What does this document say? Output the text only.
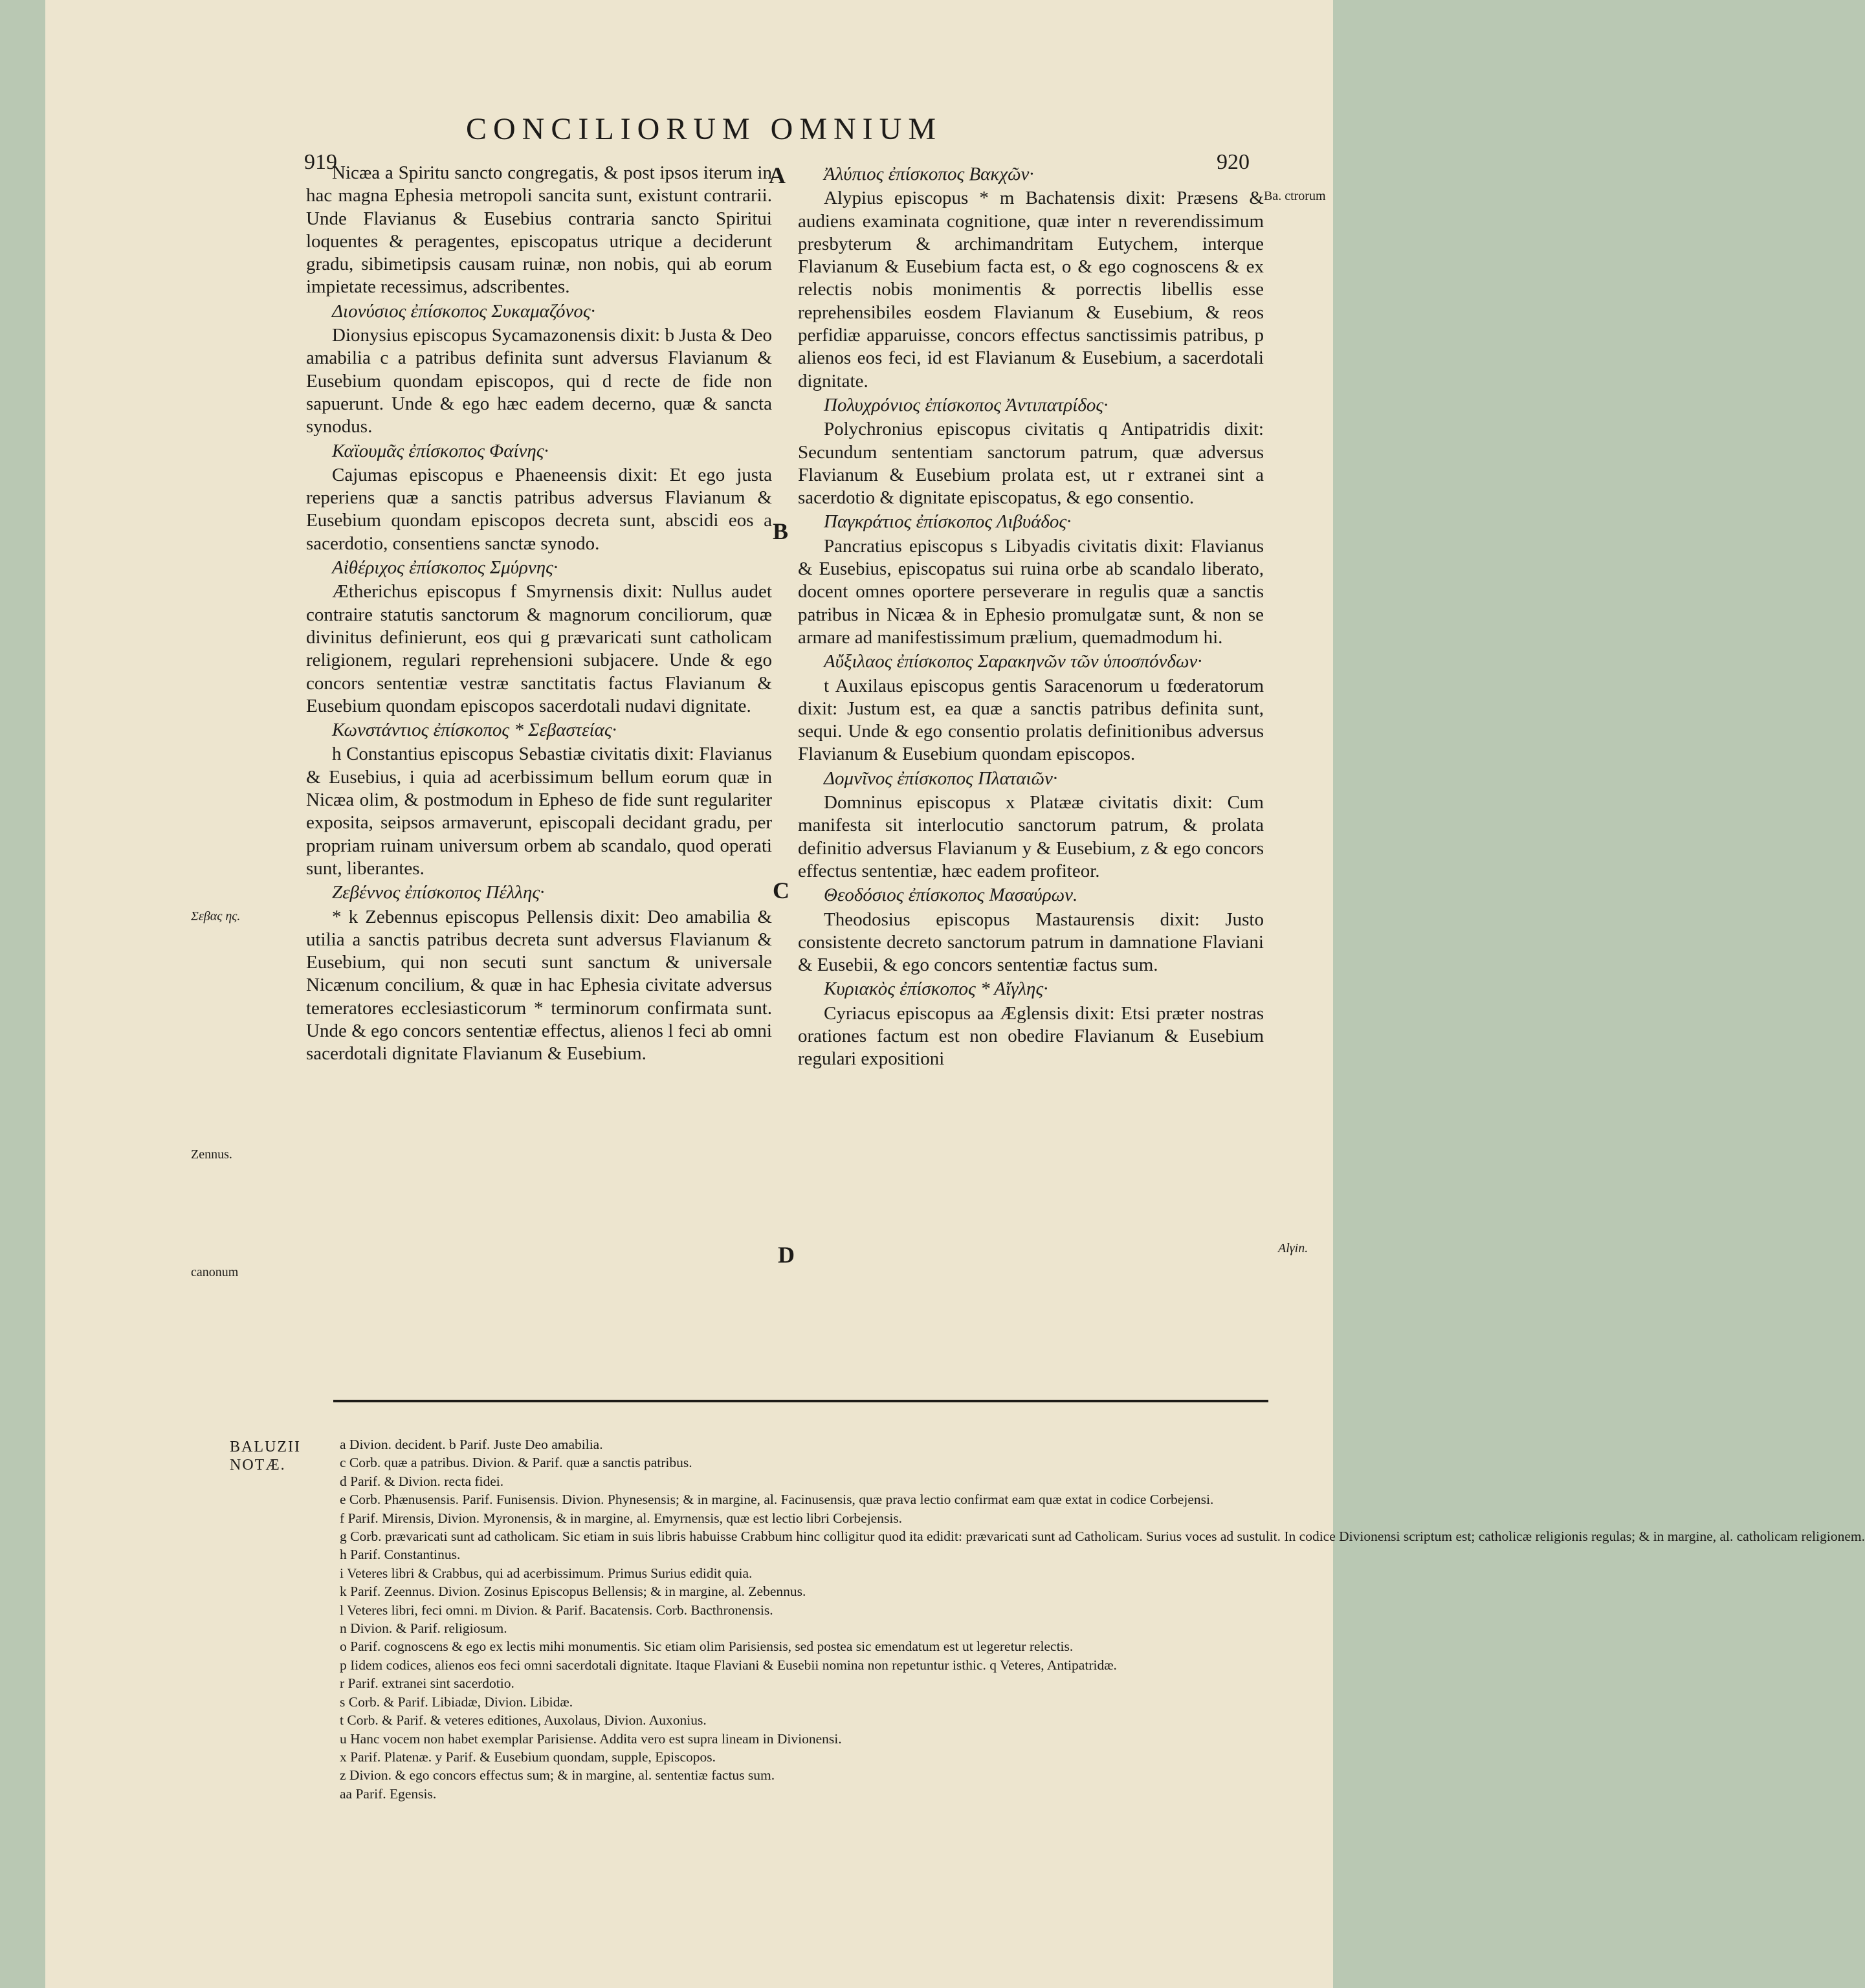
919
CONCILIORUM OMNIUM
920

Nicæa a Spiritu sancto congregatis, & post ipsos iterum in hac magna Ephesia metropoli sancita sunt, existunt contrarii. Unde Flavianus & Eusebius contraria sancto Spiritui loquentes & peragentes, episcopatus utrique a deciderunt gradu, sibimetipsis causam ruinæ, non nobis, qui ab eorum impietate recessimus, adscribentes.

Διονύσιος ἐπίσκοπος Συκαμαζόνος·

Dionysius episcopus Sycamazonensis dixit: b Justa & Deo amabilia c a patribus definita sunt adversus Flavianum & Eusebium quondam episcopos, qui d recte de fide non sapuerunt. Unde & ego hæc eadem decerno, quæ & sancta synodus.

Καϊουμᾶς ἐπίσκοπος Φαίνης·

Cajumas episcopus e Phaeneensis dixit: Et ego justa reperiens quæ a sanctis patribus adversus Flavianum & Eusebium quondam episcopos decreta sunt, abscidi eos a sacerdotio, consentiens sanctæ synodo.

Αἰθέριχος ἐπίσκοπος Σμύρνης·

Ætherichus episcopus f Smyrnensis dixit: Nullus audet contraire statutis sanctorum & magnorum conciliorum, quæ divinitus definierunt, eos qui g prævaricati sunt catholicam religionem, regulari reprehensioni subjacere. Unde & ego concors sententiæ vestræ sanctitatis factus Flavianum & Eusebium quondam episcopos sacerdotali nudavi dignitate.

Κωνστάντιος ἐπίσκοπος * Σεβαστείας·

h Constantius episcopus Sebastiæ civitatis dixit: Flavianus & Eusebius, i quia ad acerbissimum bellum eorum quæ in Nicæa olim, & postmodum in Epheso de fide sunt regulariter exposita, seipsos armaverunt, episcopali decidant gradu, per propriam ruinam universum orbem ab scandalo, quod operati sunt, liberantes.

Ζεβέννος ἐπίσκοπος Πέλλης·

* k Zebennus episcopus Pellensis dixit: Deo amabilia & utilia a sanctis patribus decreta sunt adversus Flavianum & Eusebium, qui non secuti sunt sanctum & universale Nicænum concilium, & quæ in hac Ephesia civitate adversus temeratores ecclesiasticorum * terminorum confirmata sunt. Unde & ego concors sententiæ effectus, alienos l feci ab omni sacerdotali dignitate Flavianum & Eusebium.

Ἀλύπιος ἐπίσκοπος Βακχῶν·

Alypius episcopus * m Bachatensis dixit: Præsens & audiens examinata cognitione, quæ inter n reverendissimum presbyterum & archimandritam Eutychem, interque Flavianum & Eusebium facta est, o & ego cognoscens & ex relectis nobis monimentis & porrectis libellis esse reprehensibiles eosdem Flavianum & Eusebium, & reos perfidiæ apparuisse, concors effectus sanctissimis patribus, p alienos eos feci, id est Flavianum & Eusebium, a sacerdotali dignitate.

Πολυχρόνιος ἐπίσκοπος Ἀντιπατρίδος·

Polychronius episcopus civitatis q Antipatridis dixit: Secundum sententiam sanctorum patrum, quæ adversus Flavianum & Eusebium prolata est, ut r extranei sint a sacerdotio & dignitate episcopatus, & ego consentio.

Παγκράτιος ἐπίσκοπος Λιβυάδος·

Pancratius episcopus s Libyadis civitatis dixit: Flavianus & Eusebius, episcopatus sui ruina orbe ab scandalo liberato, docent omnes oportere perseverare in regulis quæ a sanctis patribus in Nicæa & in Ephesio promulgatæ sunt, & non se armare ad manifestissimum prælium, quemadmodum hi.

Αὔξιλαος ἐπίσκοπος Σαρακηνῶν τῶν ὑποσπόνδων·

t Auxilaus episcopus gentis Saracenorum u fœderatorum dixit: Justum est, ea quæ a sanctis patribus definita sunt, sequi. Unde & ego consentio prolatis definitionibus adversus Flavianum & Eusebium quondam episcopos.

Δομνῖνος ἐπίσκοπος Πλαταιῶν·

Domninus episcopus x Platææ civitatis dixit: Cum manifesta sit interlocutio sanctorum patrum, & prolata definitio adversus Flavianum y & Eusebium, z & ego concors effectus sententiæ, hæc eadem profiteor.

Θεοδόσιος ἐπίσκοπος Μασαύρων.

Theodosius episcopus Mastaurensis dixit: Justo consistente decreto sanctorum patrum in damnatione Flaviani & Eusebii, & ego concors sententiæ factus sum.

Κυριακὸς ἐπίσκοπος * Αἴγλης·

Cyriacus episcopus aa Æglensis dixit: Etsi præter nostras orationes factum est non obedire Flavianum & Eusebium regulari expositioni

A
B
C
D
Ba. ctrorum
Alγin.
Σεβας ης.
Zennus.
canonum
BALUZII
NOTÆ.
a Divion. decident. b Parif. Juste Deo amabilia.
c Corb. quæ a patribus. Divion. & Parif. quæ a sanctis patribus.
d Parif. & Divion. recta fidei.
e Corb. Phænusensis. Parif. Funisensis. Divion. Phynesensis; & in margine, al. Facinusensis, quæ prava lectio confirmat eam quæ extat in codice Corbejensi.
f Parif. Mirensis, Divion. Myronensis, & in margine, al. Emyrnensis, quæ est lectio libri Corbejensis.
g Corb. prævaricati sunt ad catholicam. Sic etiam in suis libris habuisse Crabbum hinc colligitur quod ita edidit: prævaricati sunt ad Catholicam. Surius voces ad sustulit. In codice Divionensi scriptum est; catholicæ religionis regulas; & in margine, al. catholicam religionem.
h Parif. Constantinus.
i Veteres libri & Crabbus, qui ad acerbissimum. Primus Surius edidit quia.
k Parif. Zeennus. Divion. Zosinus Episcopus Bellensis; & in margine, al. Zebennus.
l Veteres libri, feci omni. m Divion. & Parif. Bacatensis. Corb. Bacthronensis.
n Divion. & Parif. religiosum.
o Parif. cognoscens & ego ex lectis mihi monumentis. Sic etiam olim Parisiensis, sed postea sic emendatum est ut legeretur relectis.
p Iidem codices, alienos eos feci omni sacerdotali dignitate. Itaque Flaviani & Eusebii nomina non repetuntur isthic. q Veteres, Antipatridæ.
r Parif. extranei sint sacerdotio.
s Corb. & Parif. Libiadæ, Divion. Libidæ.
t Corb. & Parif. & veteres editiones, Auxolaus, Divion. Auxonius.
u Hanc vocem non habet exemplar Parisiense. Addita vero est supra lineam in Divionensi.
x Parif. Platenæ. y Parif. & Eusebium quondam, supple, Episcopos.
z Divion. & ego concors effectus sum; & in margine, al. sententiæ factus sum.
aa Parif. Egensis.
